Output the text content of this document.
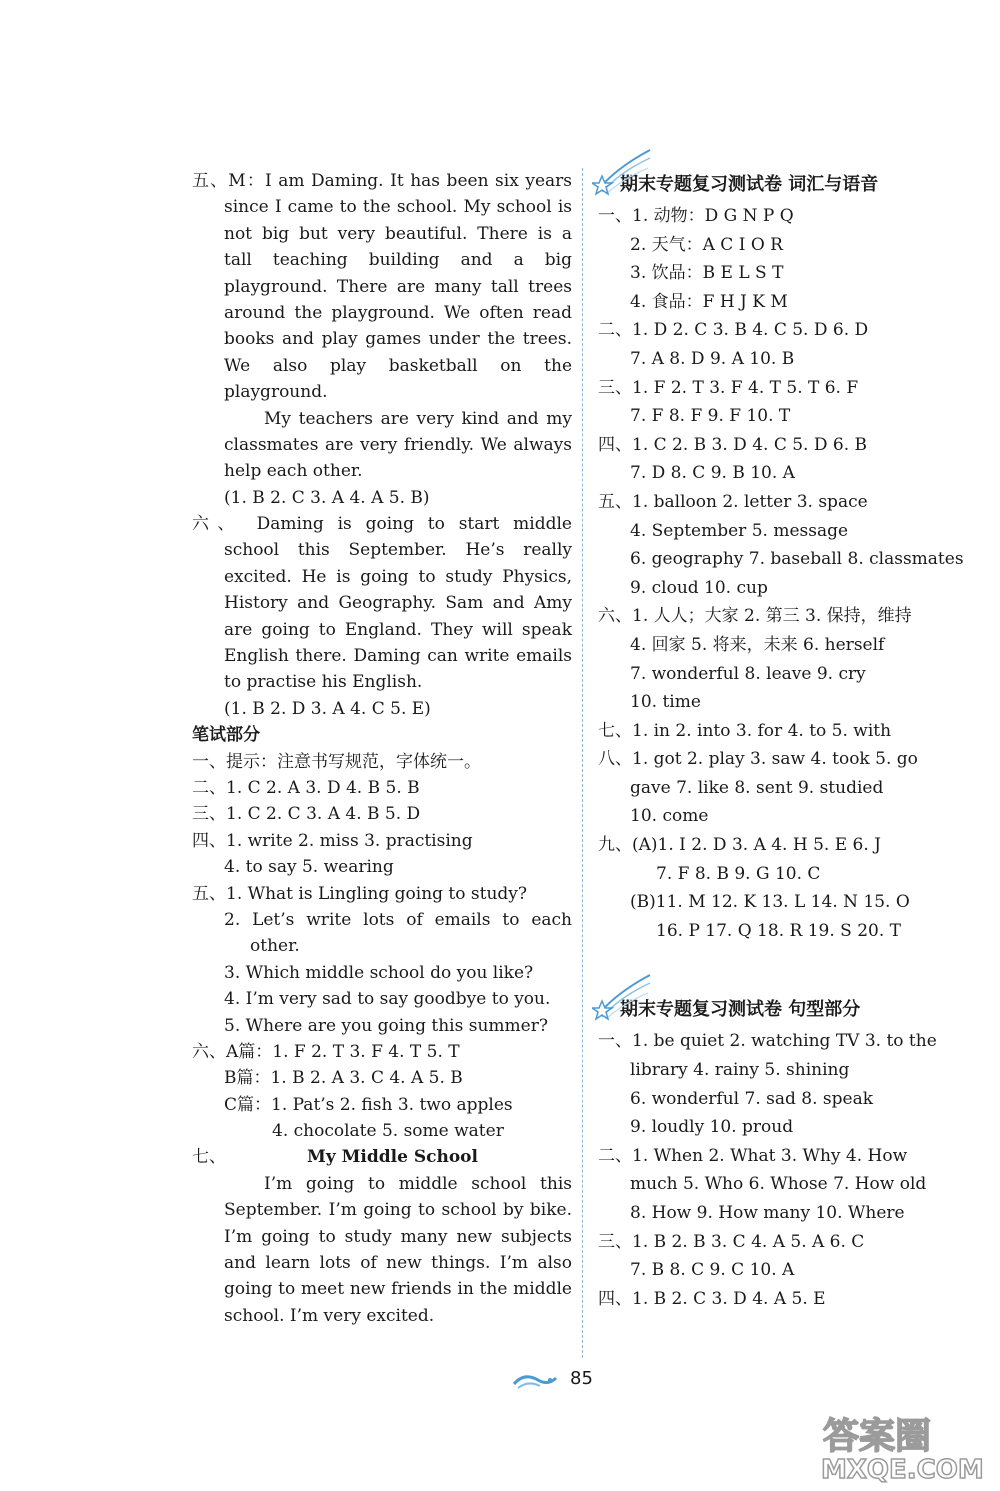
五、M：I am Daming. It has been six years
since I came to the school. My school is
not big but very beautiful. There is a
tall teaching building and a big
playground. There are many tall trees
around the playground. We often read
books and play games under the trees.
We also play basketball on the
playground.
My teachers are very kind and my
classmates are very friendly. We always
help each other.
(1. B 2. C 3. A 4. A 5. B)
六、 Daming is going to start middle
school this September. He’s really
excited. He is going to study Physics,
History and Geography. Sam and Amy
are going to England. They will speak
English there. Daming can write emails
to practise his English.
(1. B 2. D 3. A 4. C 5. E)
笔试部分
一、提示：注意书写规范，字体统一。
二、1. C 2. A 3. D 4. B 5. B
三、1. C 2. C 3. A 4. B 5. D
四、1. write 2. miss 3. practising
4. to say 5. wearing
五、1. What is Lingling going to study?
2. Let’s write lots of emails to each
other.
3. Which middle school do you like?
4. I’m very sad to say goodbye to you.
5. Where are you going this summer?
六、A篇：1. F 2. T 3. F 4. T 5. T
B篇：1. B 2. A 3. C 4. A 5. B
C篇：1. Pat’s 2. fish 3. two apples
4. chocolate 5. some water
七、	My Middle School
I’m going to middle school this
September. I’m going to school by bike.
I’m going to study many new subjects
and learn lots of new things. I’m also
going to meet new friends in the middle
school. I’m very excited.
期末专题复习测试卷 词汇与语音
一、1. 动物：D G N P Q
2. 天气：A C I O R
3. 饮品：B E L S T
4. 食品：F H J K M
二、1. D 2. C 3. B 4. C 5. D 6. D
7. A 8. D 9. A 10. B
三、1. F 2. T 3. F 4. T 5. T 6. F
7. F 8. F 9. F 10. T
四、1. C 2. B 3. D 4. C 5. D 6. B
7. D 8. C 9. B 10. A
五、1. balloon 2. letter 3. space
4. September 5. message
6. geography 7. baseball 8. classmates
9. cloud 10. cup
六、1. 人人；大家 2. 第三 3. 保持，维持
4. 回家 5. 将来，未来 6. herself
7. wonderful 8. leave 9. cry
10. time
七、1. in 2. into 3. for 4. to 5. with
八、1. got 2. play 3. saw 4. took 5. go
gave 7. like 8. sent 9. studied
10. come
九、(A)1. I 2. D 3. A 4. H 5. E 6. J
7. F 8. B 9. G 10. C
(B)11. M 12. K 13. L 14. N 15. O
16. P 17. Q 18. R 19. S 20. T
期末专题复习测试卷 句型部分
一、1. be quiet 2. watching TV 3. to the
library 4. rainy 5. shining
6. wonderful 7. sad 8. speak
9. loudly 10. proud
二、1. When 2. What 3. Why 4. How
much 5. Who 6. Whose 7. How old
8. How 9. How many 10. Where
三、1. B 2. B 3. C 4. A 5. A 6. C
7. B 8. C 9. C 10. A
四、1. B 2. C 3. D 4. A 5. E
85
答案圈
MXQE.COM
